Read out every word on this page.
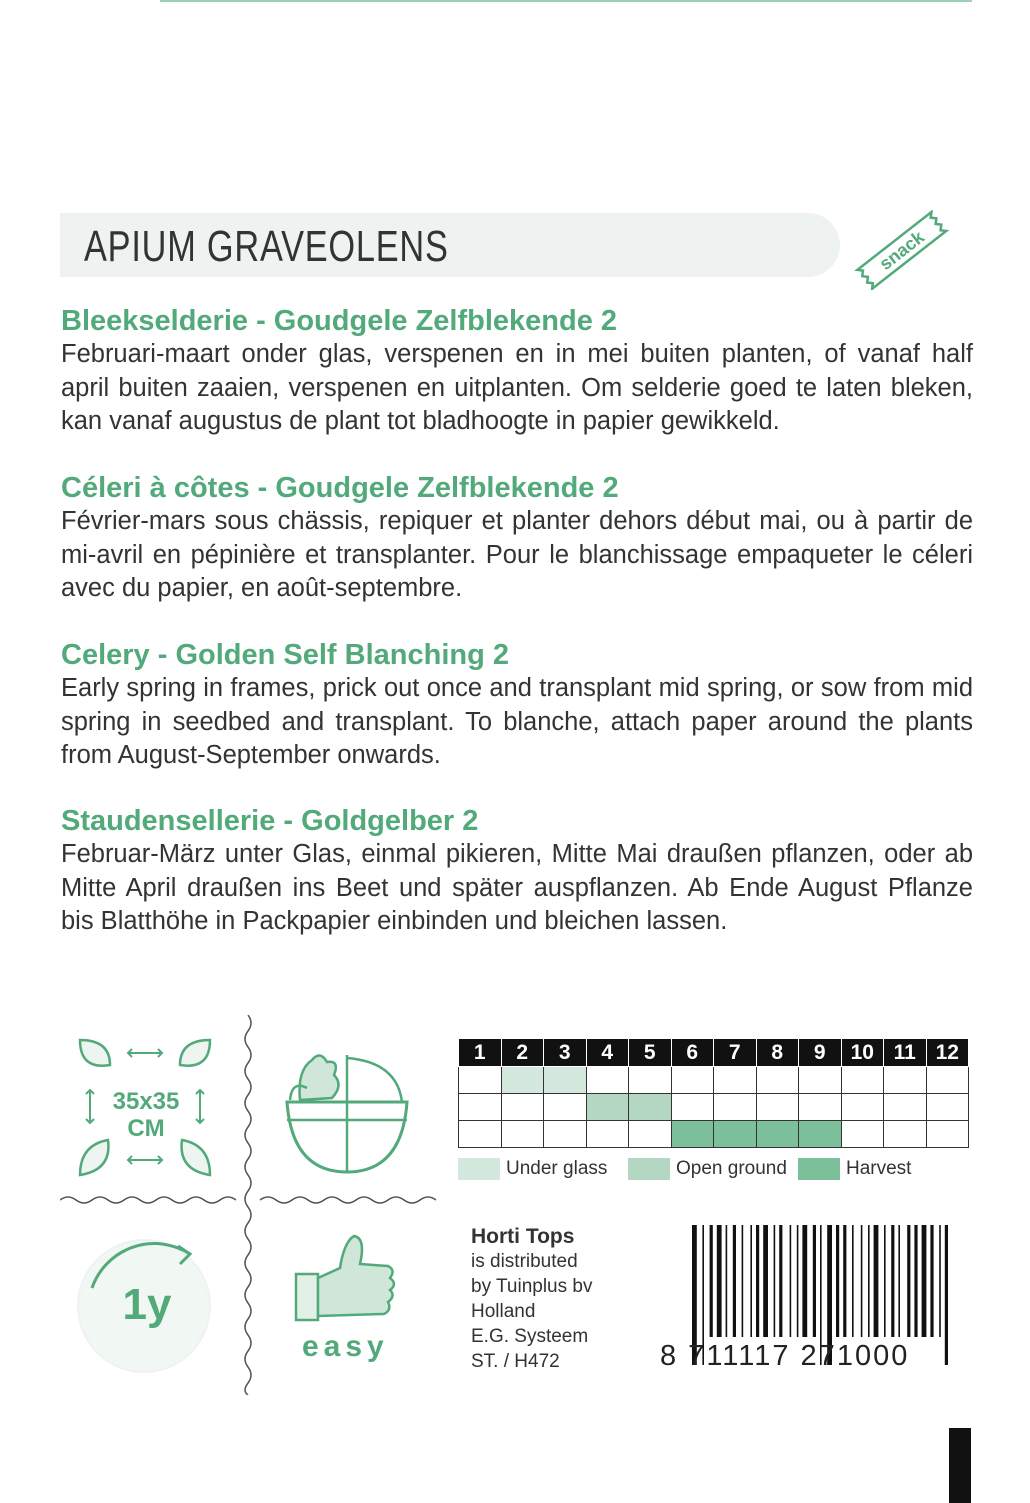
APIUM GRAVEOLENS	snack
Bleekselderie - Goudgele Zelfblekende 2

Februari-maart onder glas, verspenen en in mei buiten planten, of vanaf half april buiten zaaien, verspenen en uitplanten. Om selderie goed te laten bleken, kan vanaf augustus de plant tot bladhoogte in papier gewikkeld.

Céleri à côtes - Goudgele Zelfblekende 2

Février-mars sous chässis, repiquer et planter dehors début mai, ou à partir de mi-avril en pépinière et transplanter. Pour le blanchissage empaqueter le céleri avec du papier, en août-septembre.

Celery - Golden Self Blanching 2

Early spring in frames, prick out once and transplant mid spring, or sow from mid spring in seedbed and transplant. To blanche, attach paper around the plants from August-September onwards.

Staudensellerie - Goldgelber 2

Februar-März unter Glas, einmal pikieren, Mitte Mai draußen pflanzen, oder ab Mitte April draußen ins Beet und später auspflanzen. Ab Ende August Pflanze bis Blatthöhe in Packpapier einbinden und bleichen lassen.

35x35
CM
1y
easy
1	2	3	4	5	6	7	8	9	10	11	12

Under glass	Open ground	Harvest
Horti Tops
is distributed
by Tuinplus bv
Holland
E.G. Systeem
ST. / H472	8 711117 271000
